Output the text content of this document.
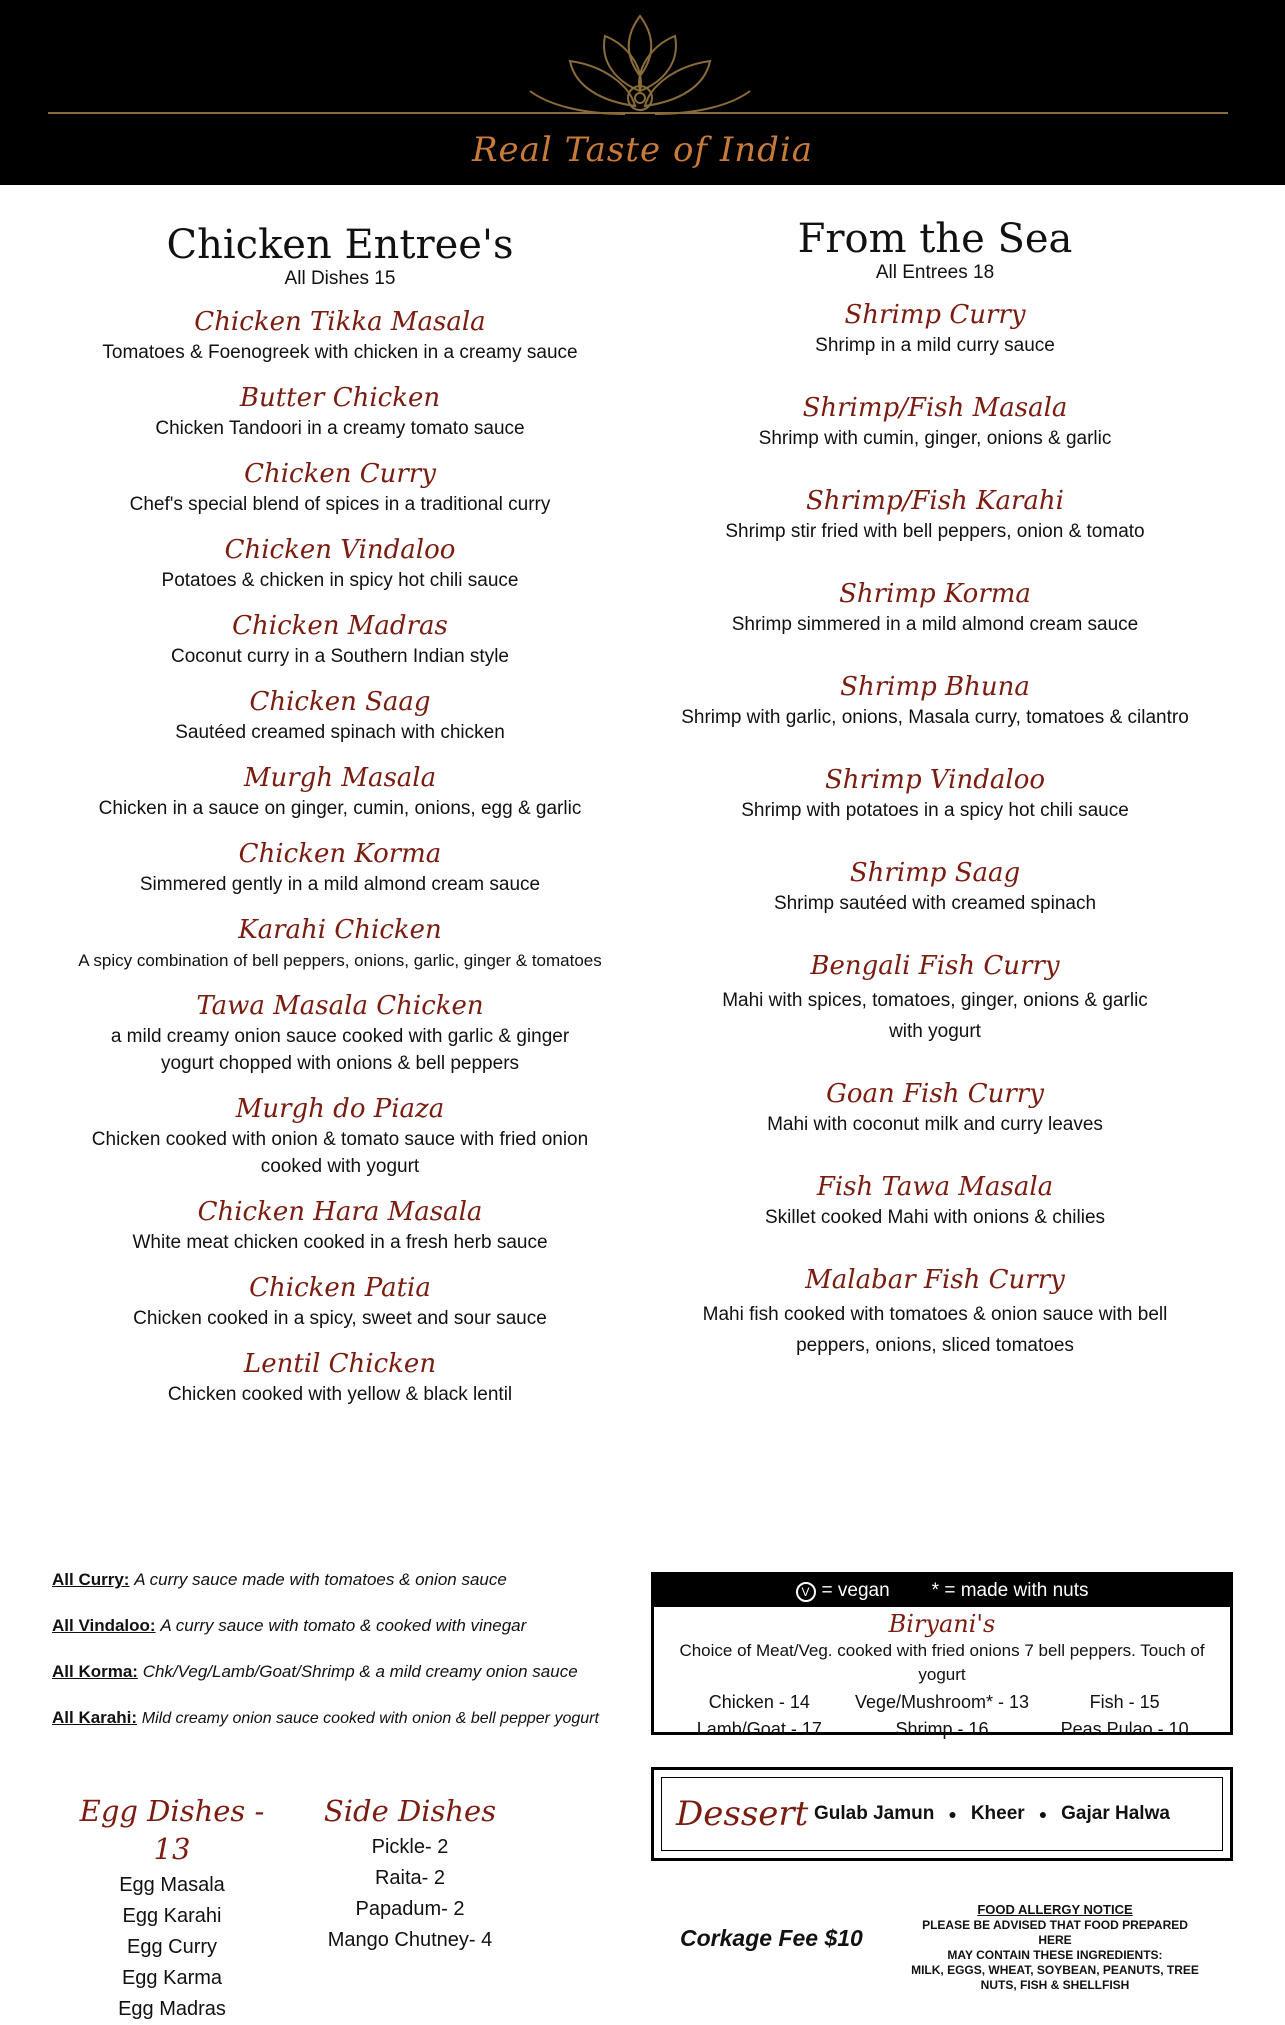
Real Taste of India
Chicken Entree's
All Dishes 15
Chicken Tikka Masala
Tomatoes & Foenogreek with chicken in a creamy sauce
Butter Chicken
Chicken Tandoori in a creamy tomato sauce
Chicken Curry
Chef's special blend of spices in a traditional curry
Chicken Vindaloo
Potatoes & chicken in spicy hot chili sauce
Chicken Madras
Coconut curry in a Southern Indian style
Chicken Saag
Sautéed creamed spinach with chicken
Murgh Masala
Chicken in a sauce on ginger, cumin, onions, egg & garlic
Chicken Korma
Simmered gently in a mild almond cream sauce
Karahi Chicken
A spicy combination of bell peppers, onions, garlic, ginger & tomatoes
Tawa Masala Chicken
a mild creamy onion sauce cooked with garlic & ginger
yogurt chopped with onions & bell peppers
Murgh do Piaza
Chicken cooked with onion & tomato sauce with fried onion
cooked with yogurt
Chicken Hara Masala
White meat chicken cooked in a fresh herb sauce
Chicken Patia
Chicken cooked in a spicy, sweet and sour sauce
Lentil Chicken
Chicken cooked with yellow & black lentil
From the Sea
All Entrees 18
Shrimp Curry
Shrimp in a mild curry sauce
Shrimp/Fish Masala
Shrimp with cumin, ginger, onions & garlic
Shrimp/Fish Karahi
Shrimp stir fried with bell peppers, onion & tomato
Shrimp Korma
Shrimp simmered in a mild almond cream sauce
Shrimp Bhuna
Shrimp with garlic, onions, Masala curry, tomatoes & cilantro
Shrimp Vindaloo
Shrimp with potatoes in a spicy hot chili sauce
Shrimp Saag
Shrimp sautéed with creamed spinach
Bengali Fish Curry
Mahi with spices, tomatoes, ginger, onions & garlic
with yogurt
Goan Fish Curry
Mahi with coconut milk and curry leaves
Fish Tawa Masala
Skillet cooked Mahi with onions & chilies
Malabar Fish Curry
Mahi fish cooked with tomatoes & onion sauce with bell
peppers, onions, sliced tomatoes
All Curry: A curry sauce made with tomatoes & onion sauce
All Vindaloo: A curry sauce with tomato & cooked with vinegar
All Korma: Chk/Veg/Lamb/Goat/Shrimp & a mild creamy onion sauce
All Karahi: Mild creamy onion sauce cooked with onion & bell pepper yogurt
Egg Dishes - 13
Egg Masala
Egg Karahi
Egg Curry
Egg Karma
Egg Madras
Side Dishes
Pickle- 2
Raita- 2
Papadum- 2
Mango Chutney- 4
V = vegan * = made with nuts
Biryani's
Choice of Meat/Veg. cooked with fried onions 7 bell peppers. Touch of yogurt
Chicken - 14	Vege/Mushroom* - 13	Fish - 15
Lamb/Goat - 17	Shrimp - 16	Peas Pulao - 10
Dessert Gulab Jamun ● Kheer ● Gajar Halwa
Corkage Fee $10
FOOD ALLERGY NOTICE
PLEASE BE ADVISED THAT FOOD PREPARED HERE
MAY CONTAIN THESE INGREDIENTS:
MILK, EGGS, WHEAT, SOYBEAN, PEANUTS, TREE
NUTS, FISH & SHELLFISH
